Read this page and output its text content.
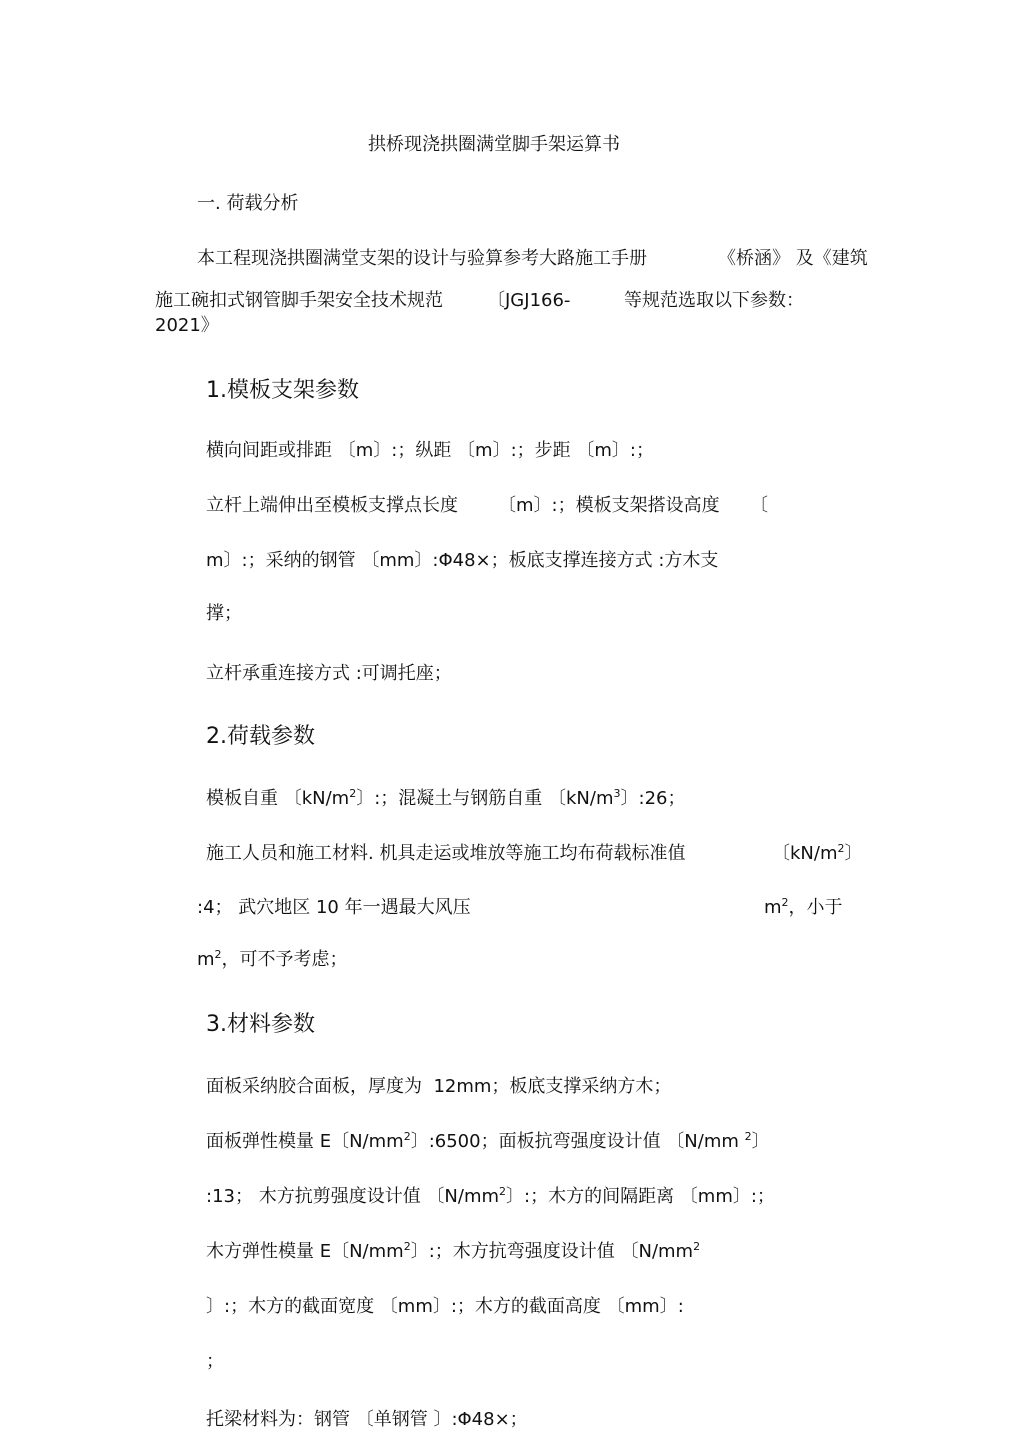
拱桥现浇拱圈满堂脚手架运算书
一. 荷载分析
本工程现浇拱圈满堂支架的设计与验算参考大路施工手册	《桥涵》 及《建筑
施工碗扣式钢管脚手架安全技术规范 〔JGJ166-	等规范选取以下参数：
2021》
1.模板支架参数
横向间距或排距 〔m〕:；纵距 〔m〕:；步距 〔m〕:；
立杆上端伸出至模板支撑点长度 〔m〕:；模板支架搭设高度 〔
m〕:；采纳的钢管 〔mm〕:Φ48×；板底支撑连接方式 :方木支
撑；
立杆承重连接方式 :可调托座；
2.荷载参数
模板自重 〔$kN/m^2$〕:；混凝土与钢筋自重 〔$kN/m^3$〕:26；
施工人员和施工材料. 机具走运或堆放等施工均布荷载标准值	〔$kN/m^2$〕
:4； 武穴地区 10 年一遇最大风压	$m^2$，小于
$m^2$，可不予考虑；
3.材料参数
面板采纳胶合面板，厚度为  12mm；板底支撑采纳方木；
面板弹性模量 E〔$N/mm^2$〕:6500；面板抗弯强度设计值 〔N/mm $^2$〕
:13； 木方抗剪强度设计值 〔$N/mm^2$〕:；木方的间隔距离 〔mm〕:；
木方弹性模量 E〔$N/mm^2$〕:；木方抗弯强度设计值 〔$N/mm^2$
〕:；木方的截面宽度 〔mm〕:；木方的截面高度 〔mm〕:
；
托梁材料为：钢管 〔单钢管 〕:Φ48×；
